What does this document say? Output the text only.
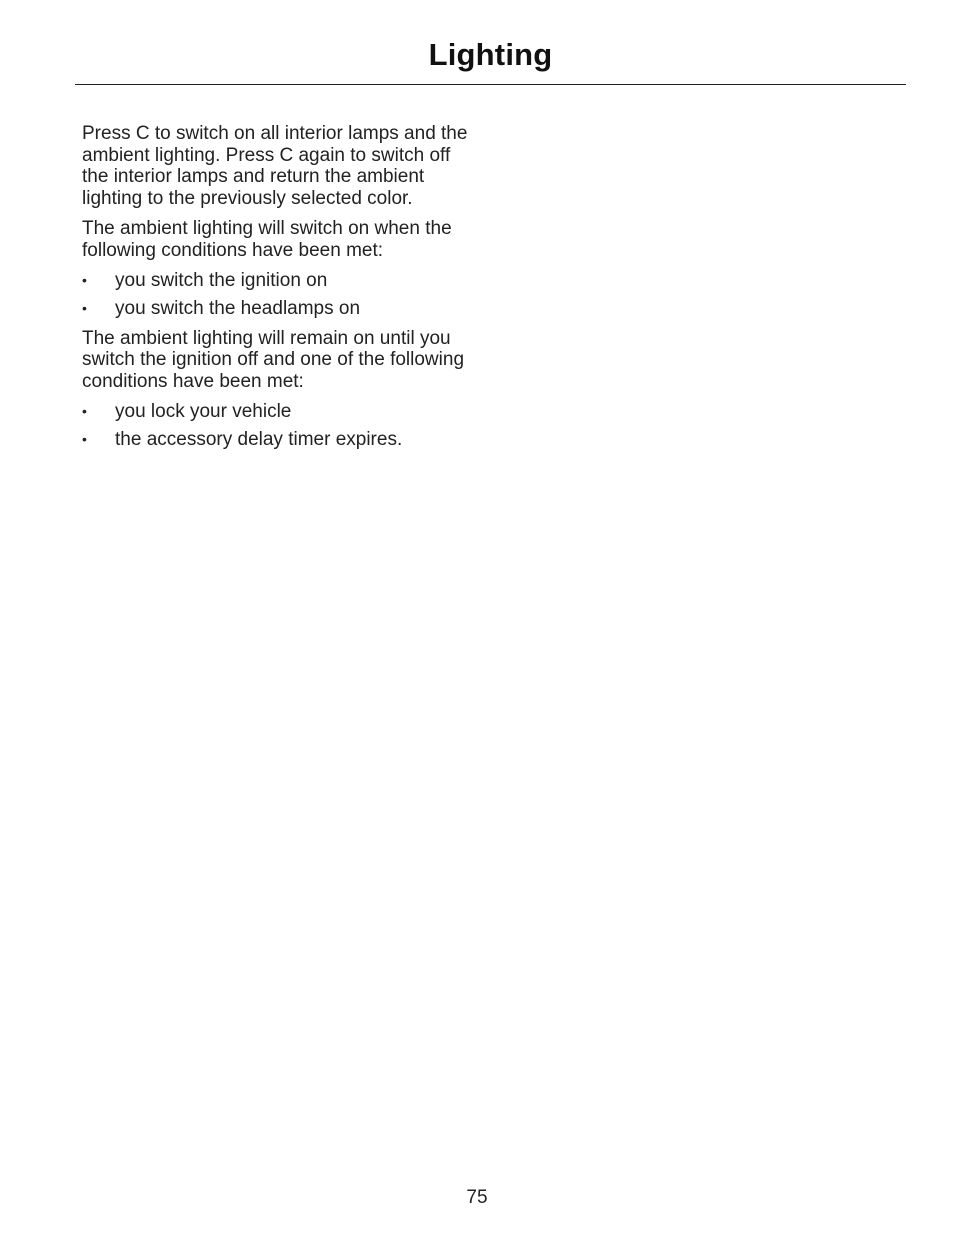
Lighting

Press C to switch on all interior lamps and the ambient lighting. Press C again to switch off the interior lamps and return the ambient lighting to the previously selected color.

The ambient lighting will switch on when the following conditions have been met:

• you switch the ignition on
• you switch the headlamps on

The ambient lighting will remain on until you switch the ignition off and one of the following conditions have been met:

• you lock your vehicle
• the accessory delay timer expires.
75
